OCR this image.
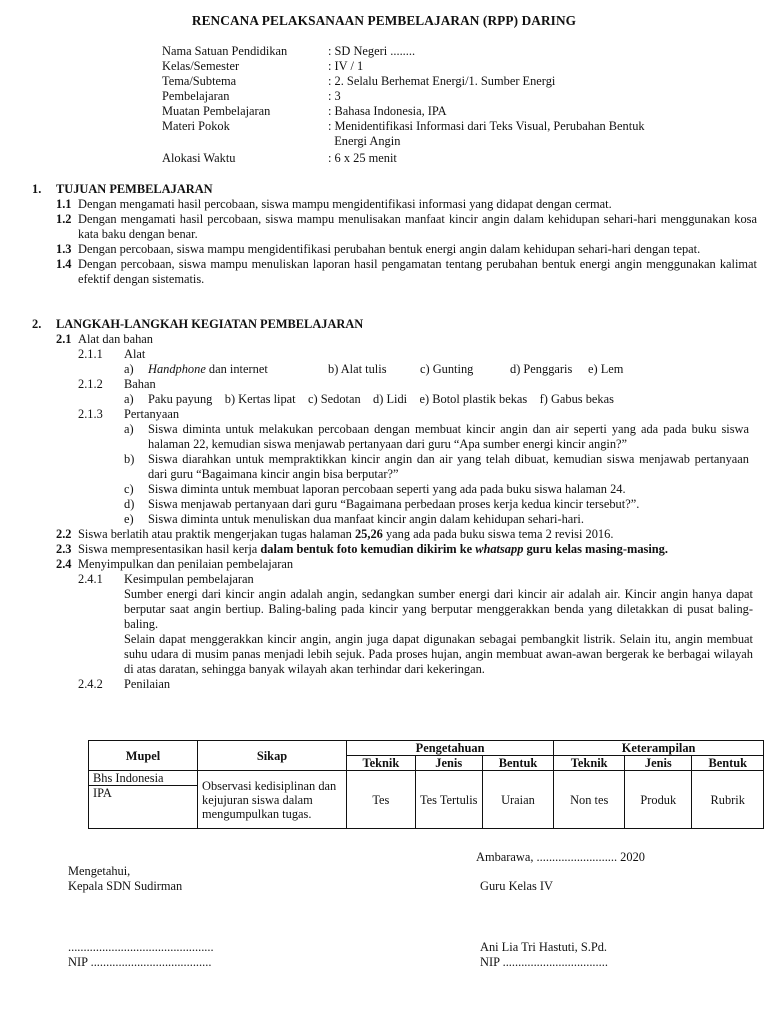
RENCANA PELAKSANAAN PEMBELAJARAN (RPP) DARING
Nama Satuan Pendidikan	: SD Negeri ........
Kelas/Semester	: IV / 1
Tema/Subtema	: 2. Selalu Berhemat Energi/1. Sumber Energi
Pembelajaran	: 3
Muatan Pembelajaran	: Bahasa Indonesia, IPA
Materi Pokok	: Menidentifikasi Informasi dari Teks Visual, Perubahan Bentuk
Energi Angin
Alokasi Waktu	: 6 x 25 menit
1.	TUJUAN PEMBELAJARAN
1.1 Dengan mengamati hasil percobaan, siswa mampu mengidentifikasi informasi yang didapat dengan cermat.
1.2 Dengan mengamati hasil percobaan, siswa mampu menulisakan manfaat kincir angin dalam kehidupan sehari-hari menggunakan kosa kata baku dengan benar.
1.3 Dengan percobaan, siswa mampu mengidentifikasi perubahan bentuk energi angin dalam kehidupan sehari-hari dengan tepat.
1.4 Dengan percobaan, siswa mampu menuliskan laporan hasil pengamatan tentang perubahan bentuk energi angin menggunakan kalimat efektif dengan sistematis.
2.	LANGKAH-LANGKAH KEGIATAN PEMBELAJARAN
2.1 Alat dan bahan
2.1.1	Alat
a)	Handphone dan internet	b) Alat tulis	c) Gunting	d) Penggaris	e) Lem
2.1.2	Bahan
a)	Paku payung    b) Kertas lipat    c) Sedotan    d) Lidi    e) Botol plastik bekas    f) Gabus bekas
2.1.3	Pertanyaan
a)	Siswa diminta untuk melakukan percobaan dengan membuat kincir angin dan air seperti yang ada pada buku siswa halaman 22, kemudian siswa menjawab pertanyaan dari guru “Apa sumber energi kincir angin?”
b)	Siswa diarahkan untuk mempraktikkan kincir angin dan air yang telah dibuat, kemudian siswa menjawab pertanyaan dari guru “Bagaimana kincir angin bisa berputar?”
c)	Siswa diminta untuk membuat laporan percobaan seperti yang ada pada buku siswa halaman 24.
d)	Siswa menjawab pertanyaan dari guru “Bagaimana perbedaan proses kerja kedua kincir tersebut?”.
e)	Siswa diminta untuk menuliskan dua manfaat kincir angin dalam kehidupan sehari-hari.
2.2 Siswa berlatih atau praktik mengerjakan tugas halaman 25,26 yang ada pada buku siswa tema 2 revisi 2016.
2.3 Siswa mempresentasikan hasil kerja dalam bentuk foto kemudian dikirim ke whatsapp guru kelas masing-masing.
2.4 Menyimpulkan dan penilaian pembelajaran
2.4.1	Kesimpulan pembelajaran
Sumber energi dari kincir angin adalah angin, sedangkan sumber energi dari kincir air adalah air. Kincir angin hanya dapat berputar saat angin bertiup. Baling-baling pada kincir yang berputar menggerakkan benda yang diletakkan di pusat baling-baling.
Selain dapat menggerakkan kincir angin, angin juga dapat digunakan sebagai pembangkit listrik. Selain itu, angin membuat suhu udara di musim panas menjadi lebih sejuk. Pada proses hujan, angin membuat awan-awan bergerak ke berbagai wilayah di atas daratan, sehingga banyak wilayah akan terhindar dari kekeringan.
2.4.2	Penilaian
Mupel	Sikap	Pengetahuan			Keterampilan		
		Teknik	Jenis	Bentuk	Teknik	Jenis	Bentuk
Bhs Indonesia	Observasi kedisiplinan dan kejujuran siswa dalam mengumpulkan tugas.	Tes	Tes Tertulis	Uraian	Non tes	Produk	Rubrik
IPA							
Ambarawa, .......................... 2020
Mengetahui,
Kepala SDN Sudirman	Guru Kelas IV
...............................................
NIP .......................................
Ani Lia Tri Hastuti, S.Pd.
NIP ..................................
